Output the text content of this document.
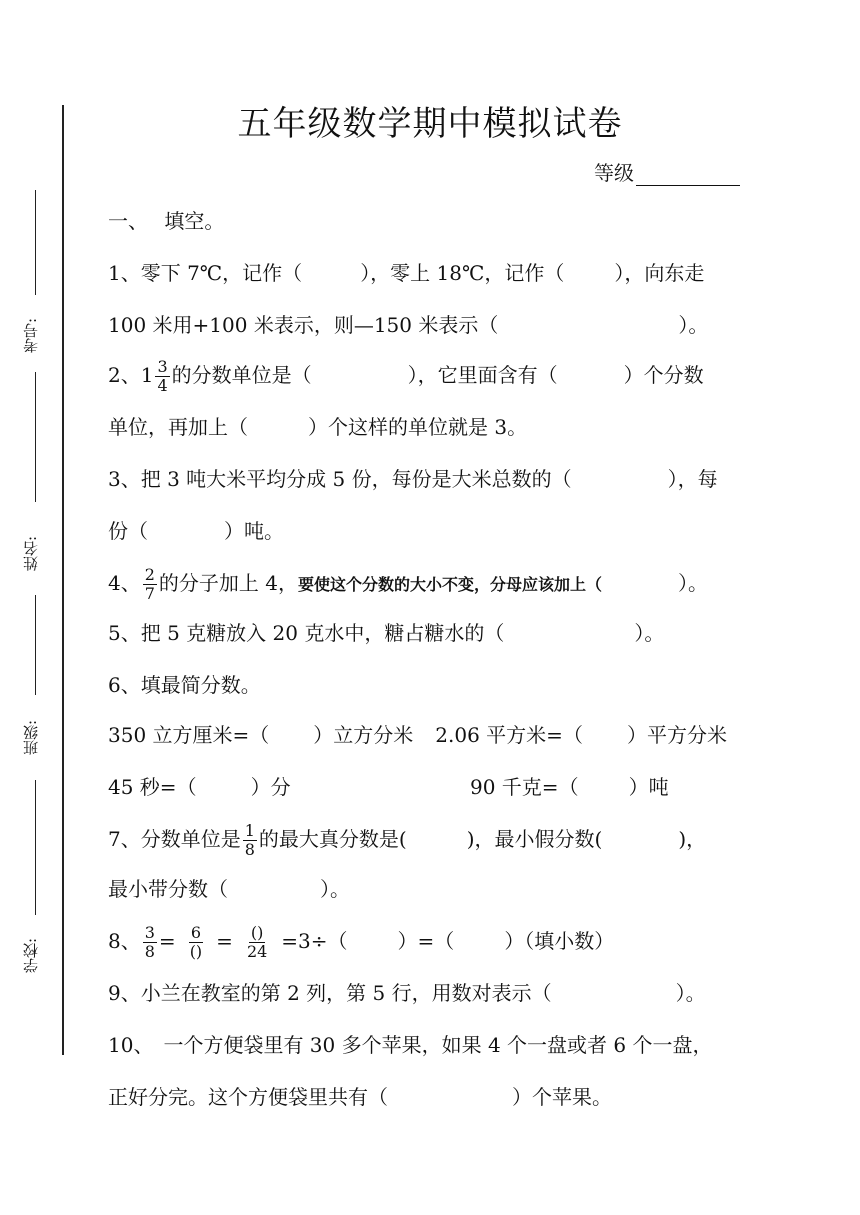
考号:
姓名:
班级:
学校:
五年级数学期中模拟试卷
等级
一、　 填空。
1、零下 7℃，记作（	），零上 18℃，记作（	），向东走
100 米用+100 米表示，则—150 米表示（	）。
2、$1 \frac{3}{4}$ 的分数单位是（	），它里面含有（	）个分数
单位，再加上（	）个这样的单位就是 3。
3、把 3 吨大米平均分成 5 份，每份是大米总数的（	），每
份（	）吨。
4、 $\frac{2}{7}$ 的分子加上 4，要使这个分数的大小不变，分母应该加上（	）。
5、把 5 克糖放入 20 克水中，糖占糖水的（	）。
6、填最简分数。
350 立方厘米=（ ）立方分米 2.06 平方米=（ ）平方分米
45 秒=（	）分	90 千克=（	）吨
7、分数单位是 $\frac{1}{8}$ 的最大真分数是(	)，最小假分数(	)，
最小带分数（	）。
8、 $\frac{3}{8} = \frac{6}{()} = \frac{()}{24} =3\div$（	）=（	）（填小数）
9、小兰在教室的第 2 列，第 5 行，用数对表示（	）。
10、　一个方便袋里有 30 多个苹果，如果 4 个一盘或者 6 个一盘，
正好分完。这个方便袋里共有（	）个苹果。
